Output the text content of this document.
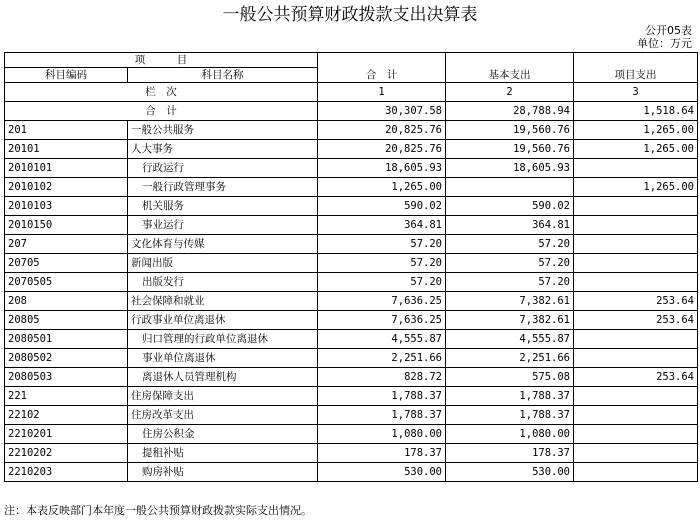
一般公共预算财政拨款支出决算表
公开05表
单位：万元
项　　　目		合　计	基本支出	项目支出
科目编码	科目名称			
栏　次		1	2	3
合　计		30,307.58	28,788.94	1,518.64
201	一般公共服务	20,825.76	19,560.76	1,265.00
20101	人大事务	20,825.76	19,560.76	1,265.00
2010101	行政运行	18,605.93	18,605.93	
2010102	一般行政管理事务	1,265.00		1,265.00
2010103	机关服务	590.02	590.02	
2010150	事业运行	364.81	364.81	
207	文化体育与传媒	57.20	57.20	
20705	新闻出版	57.20	57.20	
2070505	出版发行	57.20	57.20	
208	社会保障和就业	7,636.25	7,382.61	253.64
20805	行政事业单位离退休	7,636.25	7,382.61	253.64
2080501	归口管理的行政单位离退休	4,555.87	4,555.87	
2080502	事业单位离退休	2,251.66	2,251.66	
2080503	离退休人员管理机构	828.72	575.08	253.64
221	住房保障支出	1,788.37	1,788.37	
22102	住房改革支出	1,788.37	1,788.37	
2210201	住房公积金	1,080.00	1,080.00	
2210202	提租补贴	178.37	178.37	
2210203	购房补贴	530.00	530.00	
注：本表反映部门本年度一般公共预算财政拨款实际支出情况。
